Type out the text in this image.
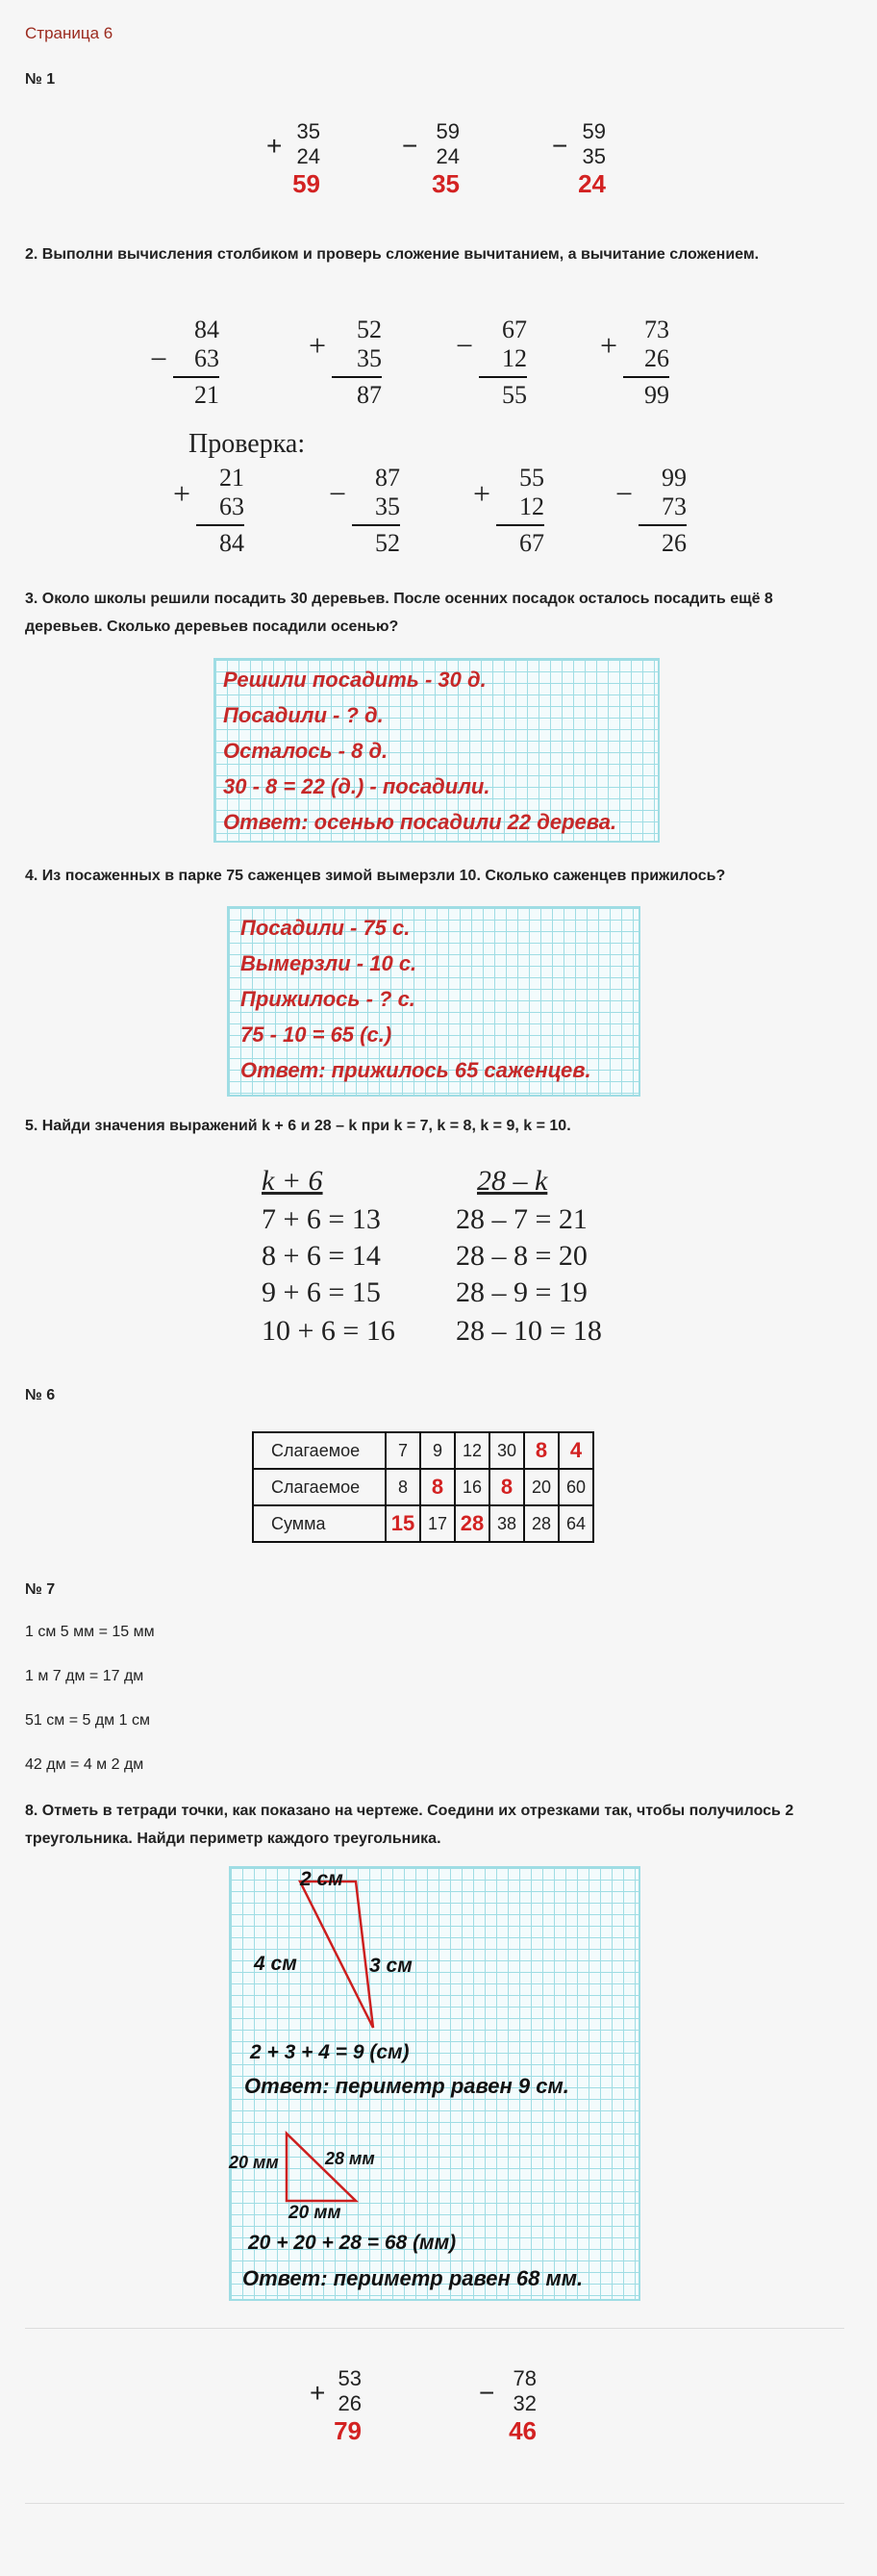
Страница 6
№ 1
+ 35
24
59
− 59
24
35
− 59
35
24
2. Выполни вычисления столбиком и проверь сложение вычитанием, а вычитание сложением.
−
84
63
21
+	52
35
87
−	67
12
55
+	73
26
99
Проверка:
+	21
63
84
−	87
35
52
+	55
12
67
−	99
73
26
3. Около школы решили посадить 30 деревьев. После осенних посадок осталось посадить ещё 8 деревьев. Сколько деревьев посадили осенью?
Решили посадить - 30 д.
Посадили - ? д.
Осталось - 8 д.
30 - 8 = 22 (д.) - посадили.
Ответ: осенью посадили 22 дерева.
4. Из посаженных в парке 75 саженцев зимой вымерзли 10. Сколько саженцев прижилось?
Посадили - 75 с.
Вымерзли - 10 с.
Прижилось - ? с.
75 - 10 = 65 (с.)
Ответ: прижилось 65 саженцев.
5. Найди значения выражений k + 6 и 28 – k при k = 7, k = 8, k = 9, k = 10.
k + 6
7 + 6 = 13
8 + 6 = 14
9 + 6 = 15
10 + 6 = 16
28 – k
28 – 7 = 21
28 – 8 = 20
28 – 9 = 19
28 – 10 = 18
№ 6
Слагаемое	7	9	12	30	8	4
Слагаемое	8	8	16	8	20	60
Сумма	15	17	28	38	28	64
№ 7
1 см 5 мм = 15 мм
1 м 7 дм = 17 дм
51 см = 5 дм 1 см
42 дм = 4 м 2 дм
8. Отметь в тетради точки, как показано на чертеже. Соедини их отрезками так, чтобы получилось 2 треугольника. Найди периметр каждого треугольника.
2 см
4 см	3 см
2 + 3 + 4 = 9 (см)
Ответ: периметр равен 9 см.
20 мм	28 мм
20 мм
20 + 20 + 28 = 68 (мм)
Ответ: периметр равен 68 мм.
+ 53
26
79
− 78
32
46
